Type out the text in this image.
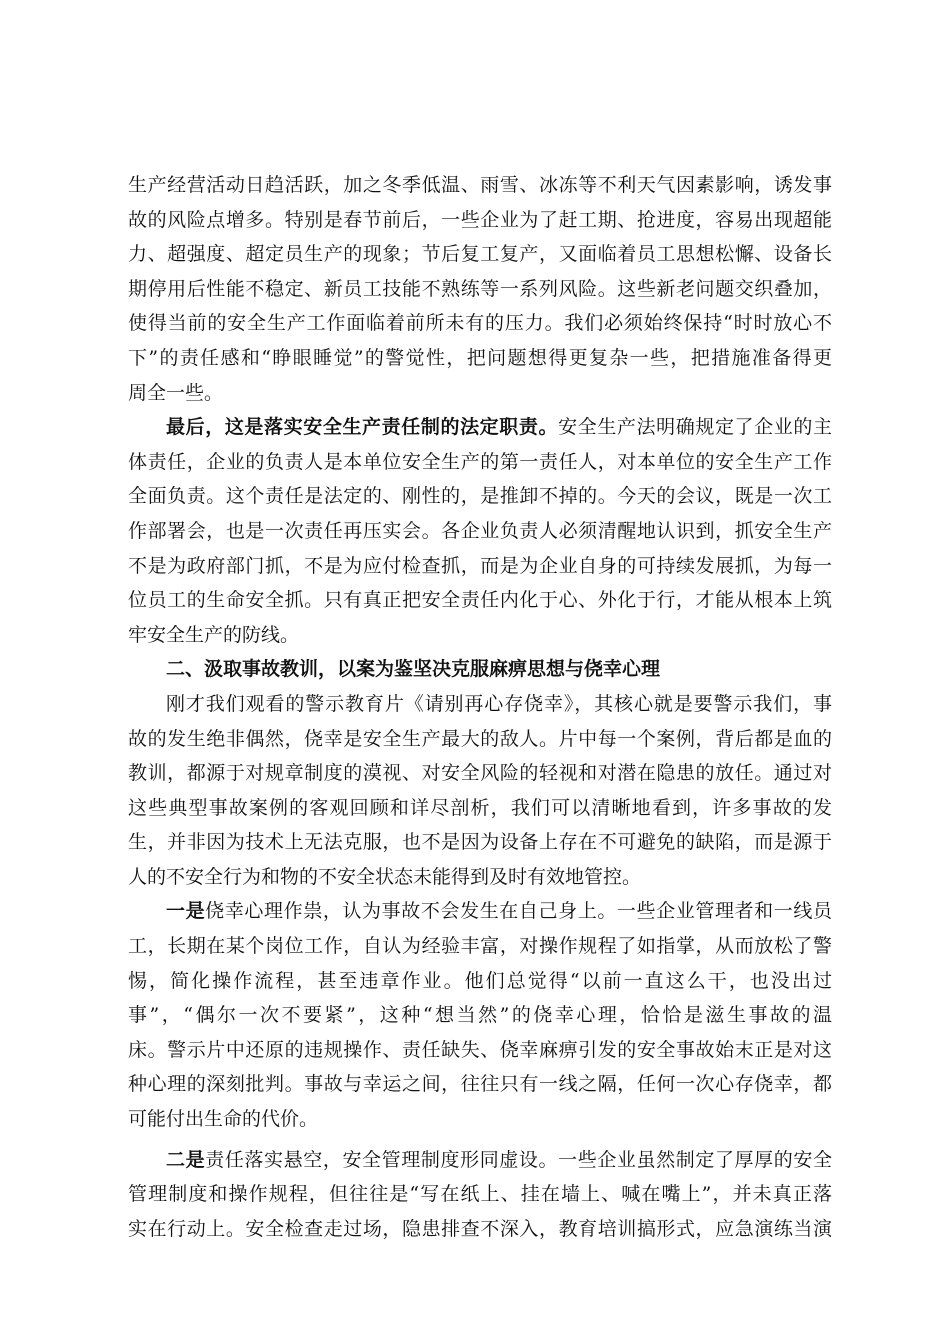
生产经营活动日趋活跃，加之冬季低温、雨雪、冰冻等不利天气因素影响，诱发事
故的风险点增多。特别是春节前后，一些企业为了赶工期、抢进度，容易出现超能
力、超强度、超定员生产的现象；节后复工复产，又面临着员工思想松懈、设备长
期停用后性能不稳定、新员工技能不熟练等一系列风险。这些新老问题交织叠加，
使得当前的安全生产工作面临着前所未有的压力。我们必须始终保持“时时放心不
下”的责任感和“睁眼睡觉”的警觉性，把问题想得更复杂一些，把措施准备得更
周全一些。
最后，这是落实安全生产责任制的法定职责。安全生产法明确规定了企业的主
体责任，企业的负责人是本单位安全生产的第一责任人，对本单位的安全生产工作
全面负责。这个责任是法定的、刚性的，是推卸不掉的。今天的会议，既是一次工
作部署会，也是一次责任再压实会。各企业负责人必须清醒地认识到，抓安全生产
不是为政府部门抓，不是为应付检查抓，而是为企业自身的可持续发展抓，为每一
位员工的生命安全抓。只有真正把安全责任内化于心、外化于行，才能从根本上筑
牢安全生产的防线。
二、汲取事故教训，以案为鉴坚决克服麻痹思想与侥幸心理
刚才我们观看的警示教育片《请别再心存侥幸》，其核心就是要警示我们，事
故的发生绝非偶然，侥幸是安全生产最大的敌人。片中每一个案例，背后都是血的
教训，都源于对规章制度的漠视、对安全风险的轻视和对潜在隐患的放任。通过对
这些典型事故案例的客观回顾和详尽剖析，我们可以清晰地看到，许多事故的发
生，并非因为技术上无法克服，也不是因为设备上存在不可避免的缺陷，而是源于
人的不安全行为和物的不安全状态未能得到及时有效地管控。
一是侥幸心理作祟，认为事故不会发生在自己身上。一些企业管理者和一线员
工，长期在某个岗位工作，自认为经验丰富，对操作规程了如指掌，从而放松了警
惕，简化操作流程，甚至违章作业。他们总觉得“以前一直这么干，也没出过
事”，“偶尔一次不要紧”，这种“想当然”的侥幸心理，恰恰是滋生事故的温
床。警示片中还原的违规操作、责任缺失、侥幸麻痹引发的安全事故始末正是对这
种心理的深刻批判。事故与幸运之间，往往只有一线之隔，任何一次心存侥幸，都
可能付出生命的代价。
二是责任落实悬空，安全管理制度形同虚设。一些企业虽然制定了厚厚的安全
管理制度和操作规程，但往往是“写在纸上、挂在墙上、喊在嘴上”，并未真正落
实在行动上。安全检查走过场，隐患排查不深入，教育培训搞形式，应急演练当演
